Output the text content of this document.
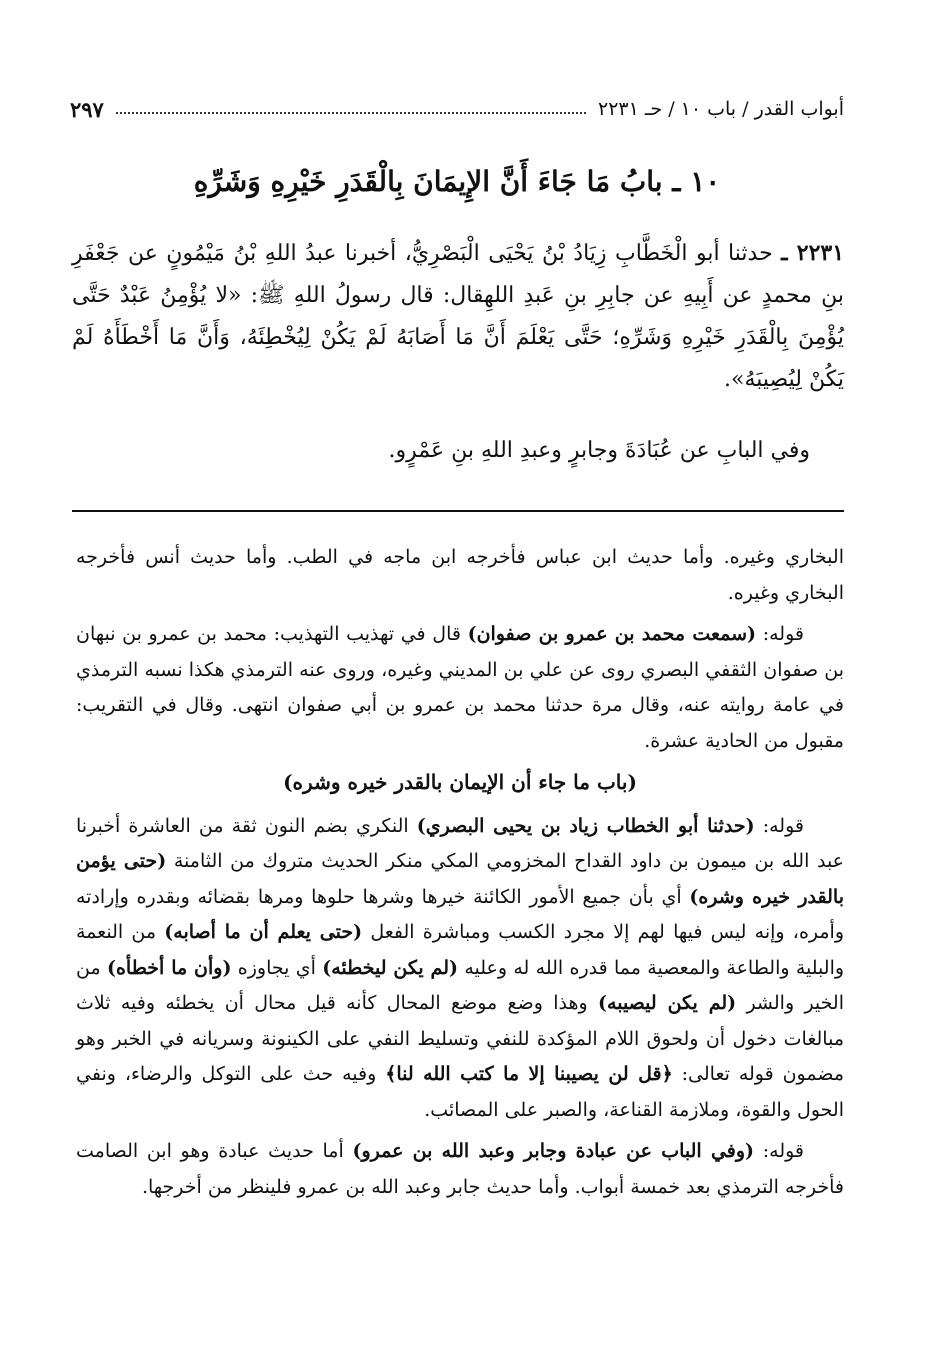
أبواب القدر / باب ١٠ / حـ ٢٢٣١
٢٩٧
١٠ ـ بابُ مَا جَاءَ أَنَّ الإِيمَانَ بِالْقَدَرِ خَيْرِهِ وَشَرِّهِ
٢٢٣١ ـ حدثنا أبو الْخَطَّابِ زِيَادُ بْنُ يَحْيَى الْبَصْرِيُّ، أخبرنا عبدُ اللهِ بْنُ مَيْمُونٍ عن جَعْفَرِ بنِ محمدٍ عن أَبِيهِ عن جابِرِ بنِ عَبدِ اللهِقال: قال رسولُ اللهِ ﷺ: «لا يُؤْمِنُ عَبْدٌ حَتَّى يُؤْمِنَ بِالْقَدَرِ خَيْرِهِ وَشَرِّهِ؛ حَتَّى يَعْلَمَ أَنَّ مَا أَصَابَهُ لَمْ يَكُنْ لِيُخْطِئَهُ، وَأَنَّ مَا أَخْطَأَهُ لَمْ يَكُنْ لِيُصِيبَهُ».
وفي البابِ عن عُبَادَةَ وجابرٍ وعبدِ اللهِ بنِ عَمْرٍو.

البخاري وغيره. وأما حديث ابن عباس فأخرجه ابن ماجه في الطب. وأما حديث أنس فأخرجه البخاري وغيره.

قوله: (سمعت محمد بن عمرو بن صفوان) قال في تهذيب التهذيب: محمد بن عمرو بن نبهان بن صفوان الثقفي البصري روى عن علي بن المديني وغيره، وروى عنه الترمذي هكذا نسبه الترمذي في عامة روايته عنه، وقال مرة حدثنا محمد بن عمرو بن أبي صفوان انتهى. وقال في التقريب: مقبول من الحادية عشرة.

(باب ما جاء أن الإيمان بالقدر خيره وشره)

قوله: (حدثنا أبو الخطاب زياد بن يحيى البصري) النكري بضم النون ثقة من العاشرة أخبرنا عبد الله بن ميمون بن داود القداح المخزومي المكي منكر الحديث متروك من الثامنة (حتى يؤمن بالقدر خيره وشره) أي بأن جميع الأمور الكائنة خيرها وشرها حلوها ومرها بقضائه وبقدره وإرادته وأمره، وإنه ليس فيها لهم إلا مجرد الكسب ومباشرة الفعل (حتى يعلم أن ما أصابه) من النعمة والبلية والطاعة والمعصية مما قدره الله له وعليه (لم يكن ليخطئه) أي يجاوزه (وأن ما أخطأه) من الخير والشر (لم يكن ليصيبه) وهذا وضع موضع المحال كأنه قيل محال أن يخطئه وفيه ثلاث مبالغات دخول أن ولحوق اللام المؤكدة للنفي وتسليط النفي على الكينونة وسريانه في الخبر وهو مضمون قوله تعالى: ﴿قل لن يصيبنا إلا ما كتب الله لنا﴾ وفيه حث على التوكل والرضاء، ونفي الحول والقوة، وملازمة القناعة، والصبر على المصائب.

قوله: (وفي الباب عن عبادة وجابر وعبد الله بن عمرو) أما حديث عبادة وهو ابن الصامت فأخرجه الترمذي بعد خمسة أبواب. وأما حديث جابر وعبد الله بن عمرو فلينظر من أخرجها.
